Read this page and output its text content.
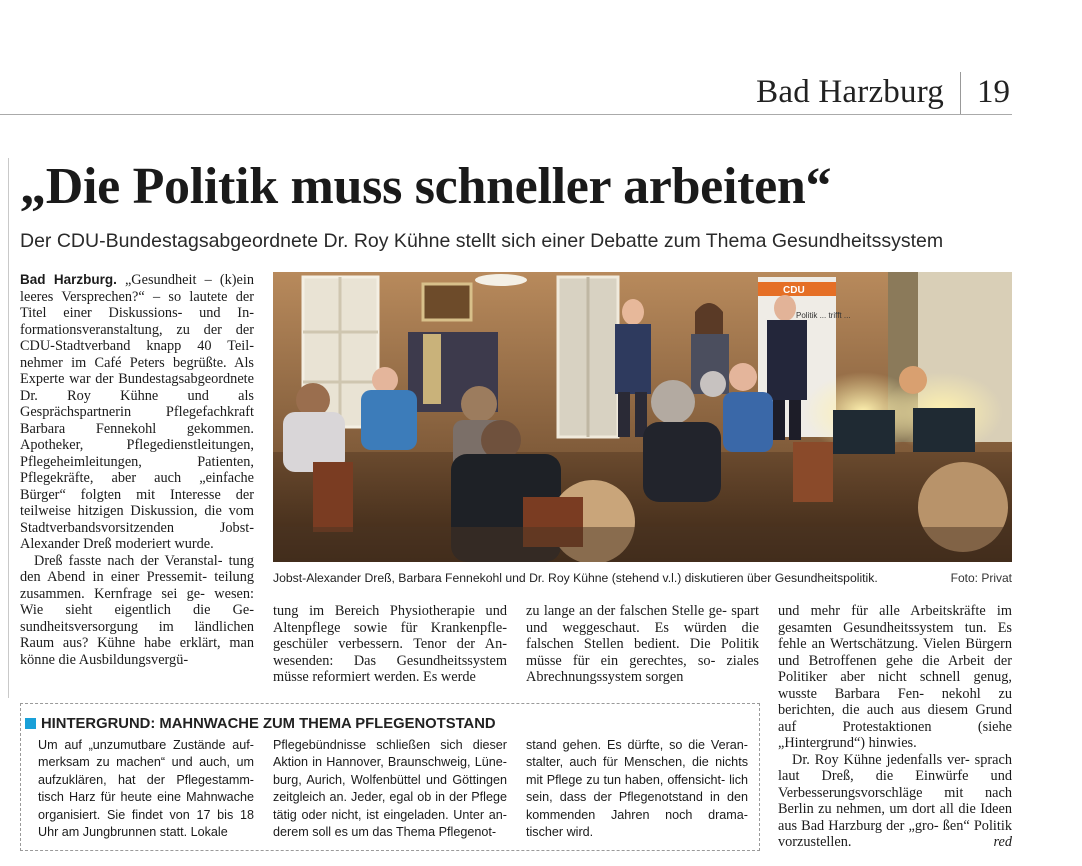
Bad Harzburg 19
„Die Politik muss schneller arbeiten“
Der CDU-Bundestagsabgeordnete Dr. Roy Kühne stellt sich einer Debatte zum Thema Gesundheitssystem

Bad Harzburg. „Gesundheit – (k)ein leeres Versprechen?“ – so lautete der Titel einer Diskussions- und Informationsveranstaltung, zu der der CDU-Stadtverband knapp 40 Teilnehmer im Café Peters begrüßte. Als Experte war der Bundestagsabgeordnete Dr. Roy Kühne und als Gesprächspartnerin Pflegefachkraft Barbara Fennekohl gekommen. Apotheker, Pflegedienstleitungen, Pflegeheimleitungen, Patienten, Pflegekräfte, aber auch „einfache Bürger“ folgten mit Interesse der teilweise hitzigen Diskussion, die vom Stadtverbandsvorsitzenden Jobst-Alexander Dreß moderiert wurde.

Dreß fasste nach der Veranstal- tung den Abend in einer Pressemit- teilung zusammen. Kernfrage sei ge- wesen: Wie sieht eigentlich die Ge- sundheitsversorgung im ländlichen Raum aus? Kühne habe erklärt, man könne die Ausbildungsvergü-

CDU
Politik ... trifft ...
Jobst-Alexander Dreß, Barbara Fennekohl und Dr. Roy Kühne (stehend v.l.) diskutieren über Gesundheitspolitik.	Foto: Privat
tung im Bereich Physiotherapie und Altenpflege sowie für Krankenpfle- geschüler verbessern. Tenor der An- wesenden: Das Gesundheitssystem müsse reformiert werden. Es werde
zu lange an der falschen Stelle ge- spart und weggeschaut. Es würden die falschen Stellen bedient. Die Politik müsse für ein gerechtes, so- ziales Abrechnungssystem sorgen

und mehr für alle Arbeitskräfte im gesamten Gesundheitssystem tun. Es fehle an Wertschätzung. Vielen Bürgern und Betroffenen gehe die Arbeit der Politiker aber nicht schnell genug, wusste Barbara Fen- nekohl zu berichten, die auch aus diesem Grund auf Protestaktionen (siehe „Hintergrund“) hinwies.

Dr. Roy Kühne jedenfalls ver- sprach laut Dreß, die Einwürfe und Verbesserungsvorschläge mit nach Berlin zu nehmen, um dort all die Ideen aus Bad Harzburg der „gro- ßen“ Politik vorzustellen.	red

HINTERGRUND: MAHNWACHE ZUM THEMA PFLEGENOTSTAND
Um auf „unzumutbare Zustände auf- merksam zu machen“ und auch, um aufzuklären, hat der Pflegestamm- tisch Harz für heute eine Mahnwache organisiert. Sie findet von 17 bis 18 Uhr am Jungbrunnen statt. Lokale
Pflegebündnisse schließen sich dieser Aktion in Hannover, Braunschweig, Lüne- burg, Aurich, Wolfenbüttel und Göttingen zeitgleich an. Jeder, egal ob in der Pflege tätig oder nicht, ist eingeladen. Unter an- derem soll es um das Thema Pflegenot-
stand gehen. Es dürfte, so die Veran- stalter, auch für Menschen, die nichts mit Pflege zu tun haben, offensicht- lich sein, dass der Pflegenotstand in den kommenden Jahren noch drama- tischer wird.
